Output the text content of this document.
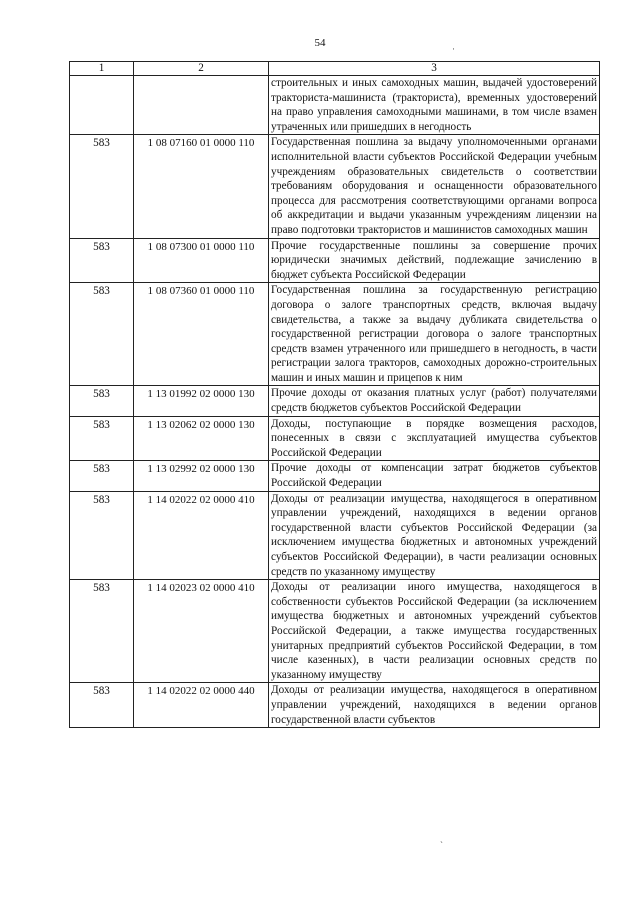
54	·
`
1	2	3
		строительных и иных самоходных машин, выдачей удостоверений тракториста-машиниста (тракториста), временных удостоверений на право управления самоходными машинами, в том числе взамен утраченных или пришедших в негодность
583	1 08 07160 01 0000 110	Государственная пошлина за выдачу уполномоченными органами исполнительной власти субъектов Российской Федерации учебным учреждениям образовательных свидетельств о соответствии требованиям оборудования и оснащенности образовательного процесса для рассмотрения соответствующими органами вопроса об аккредитации и выдачи указанным учреждениям лицензии на право подготовки трактористов и машинистов самоходных машин
583	1 08 07300 01 0000 110	Прочие государственные пошлины за совершение прочих юридически значимых действий, подлежащие зачислению в бюджет субъекта Российской Федерации
583	1 08 07360 01 0000 110	Государственная пошлина за государственную регистрацию договора о залоге транспортных средств, включая выдачу свидетельства, а также за выдачу дубликата свидетельства о государственной регистрации договора о залоге транспортных средств взамен утраченного или пришедшего в негодность, в части регистрации залога тракторов, самоходных дорожно-строительных машин и иных машин и прицепов к ним
583	1 13 01992 02 0000 130	Прочие доходы от оказания платных услуг (работ) получателями средств бюджетов субъектов Российской Федерации
583	1 13 02062 02 0000 130	Доходы, поступающие в порядке возмещения расходов, понесенных в связи с эксплуатацией имущества субъектов Российской Федерации
583	1 13 02992 02 0000 130	Прочие доходы от компенсации затрат бюджетов субъектов Российской Федерации
583	1 14 02022 02 0000 410	Доходы от реализации имущества, находящегося в оперативном управлении учреждений, находящихся в ведении органов государственной власти субъектов Российской Федерации (за исключением имущества бюджетных и автономных учреждений субъектов Российской Федерации), в части реализации основных средств по указанному имуществу
583	1 14 02023 02 0000 410	Доходы от реализации иного имущества, находящегося в собственности субъектов Российской Федерации (за исключением имущества бюджетных и автономных учреждений субъектов Российской Федерации, а также имущества государственных унитарных предприятий субъектов Российской Федерации, в том числе казенных), в части реализации основных средств по указанному имуществу
583	1 14 02022 02 0000 440	Доходы от реализации имущества, находящегося в оперативном управлении учреждений, находящихся в ведении органов государственной власти субъектов
